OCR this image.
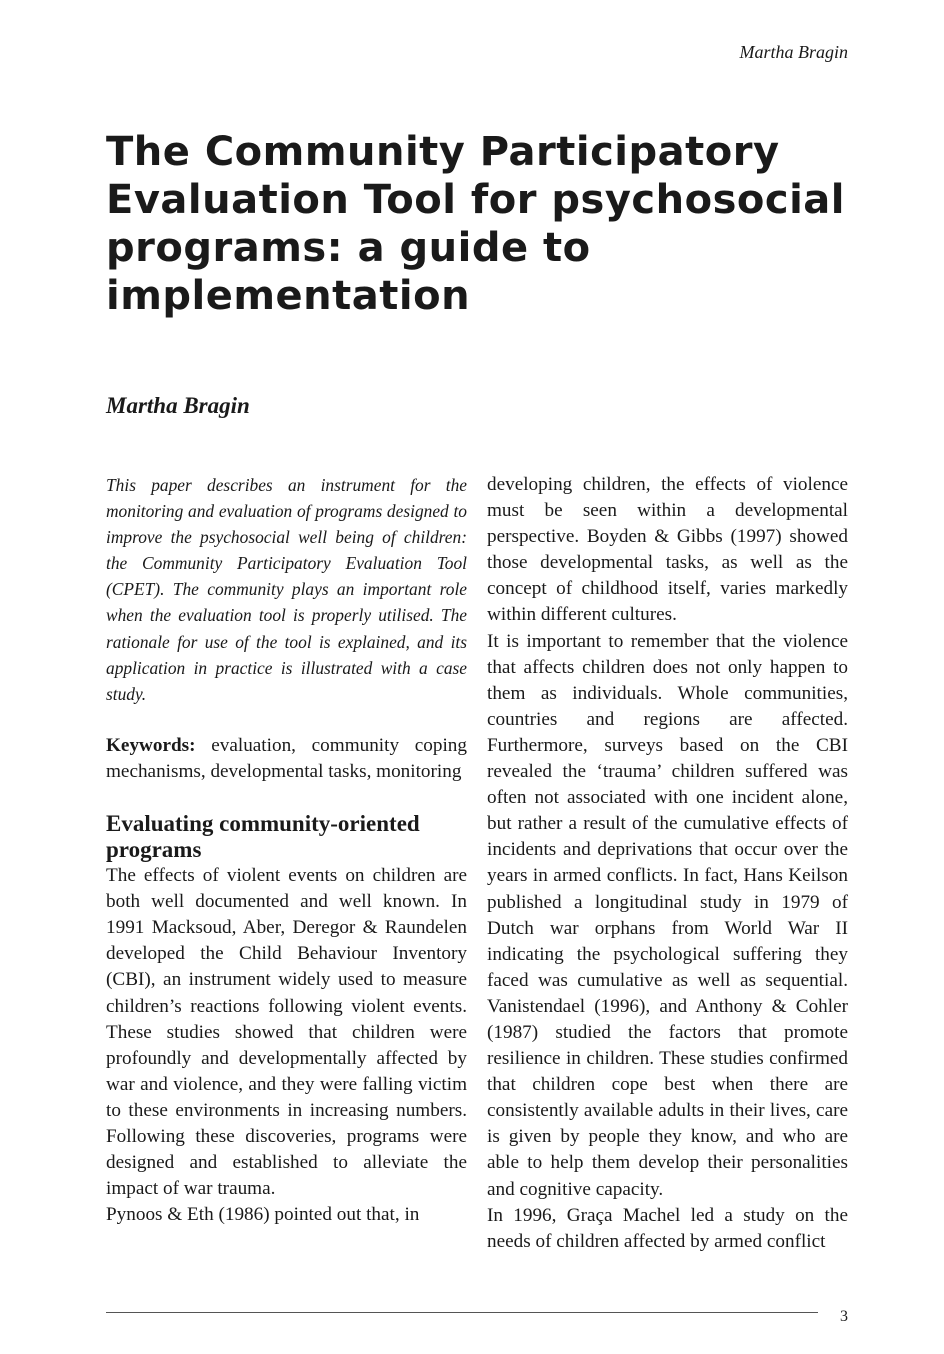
Martha Bragin
The Community Participatory Evaluation Tool for psychosocial programs: a guide to implementation
Martha Bragin

This paper describes an instrument for the monitoring and evaluation of programs designed to improve the psychosocial well being of children: the Community Participatory Evaluation Tool (CPET). The community plays an important role when the evaluation tool is properly utilised. The rationale for use of the tool is explained, and its application in practice is illustrated with a case study.

Keywords: evaluation, community coping mechanisms, developmental tasks, monitoring

Evaluating community-oriented programs

The effects of violent events on children are both well documented and well known. In 1991 Macksoud, Aber, Deregor & Raundelen developed the Child Behaviour Inventory (CBI), an instrument widely used to measure children’s reactions following violent events. These studies showed that children were profoundly and developmentally affected by war and violence, and they were falling victim to these environments in increasing numbers. Following these discoveries, programs were designed and established to alleviate the impact of war trauma.

Pynoos & Eth (1986) pointed out that, in

developing children, the effects of violence must be seen within a developmental perspective. Boyden & Gibbs (1997) showed those developmental tasks, as well as the concept of childhood itself, varies markedly within different cultures.

It is important to remember that the violence that affects children does not only happen to them as individuals. Whole communities, countries and regions are affected. Furthermore, surveys based on the CBI revealed the ‘trauma’ children suffered was often not associated with one incident alone, but rather a result of the cumulative effects of incidents and deprivations that occur over the years in armed conflicts. In fact, Hans Keilson published a longitudinal study in 1979 of Dutch war orphans from World War II indicating the psychological suffering they faced was cumulative as well as sequential. Vanistendael (1996), and Anthony & Cohler (1987) studied the factors that promote resilience in children. These studies confirmed that children cope best when there are consistently available adults in their lives, care is given by people they know, and who are able to help them develop their personalities and cognitive capacity.

In 1996, Graça Machel led a study on the needs of children affected by armed conflict

3
